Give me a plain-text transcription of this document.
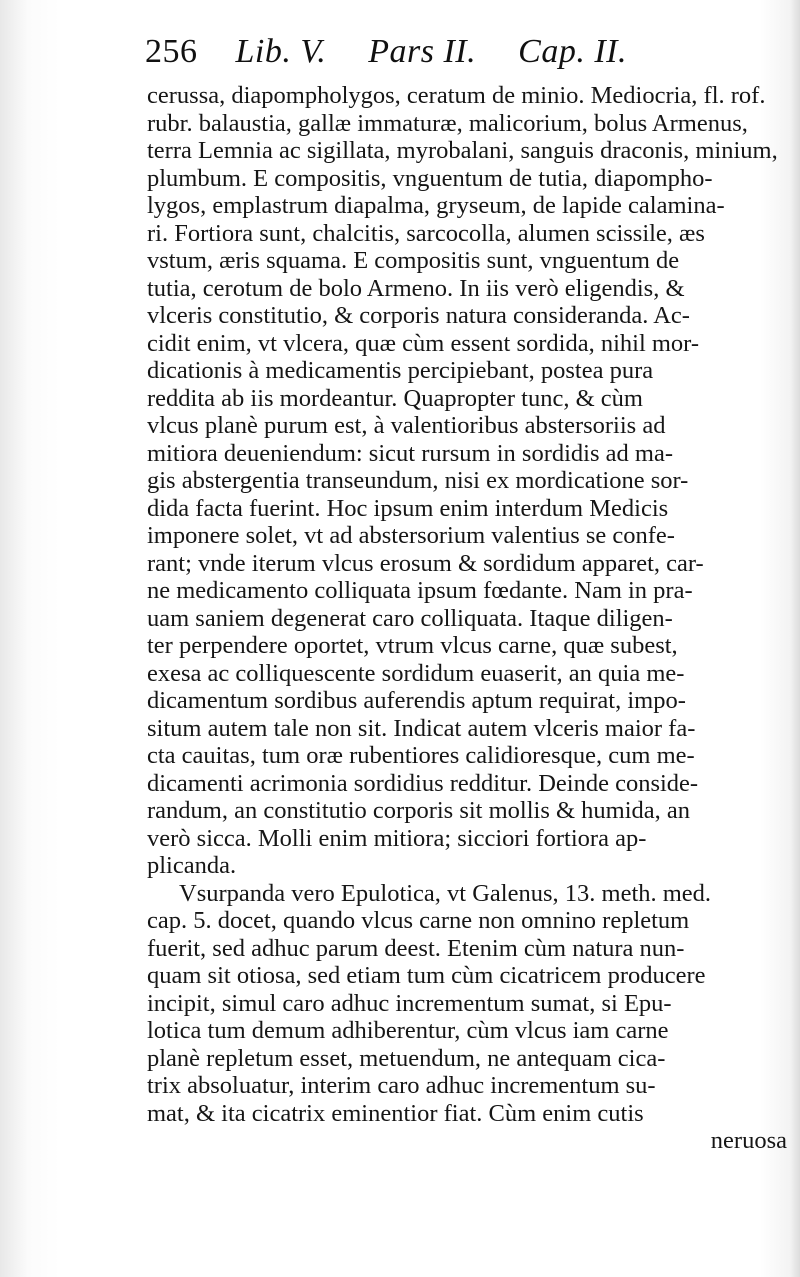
256 Lib. V. Pars II. Cap. II.
cerussa, diapompholygos, ceratum de minio. Mediocria, fl. rof.
rubr. balaustia, gallæ immaturæ, malicorium, bolus Armenus,
terra Lemnia ac sigillata, myrobalani, sanguis draconis, minium,
plumbum. E compositis, vnguentum de tutia, diapompho-
lygos, emplastrum diapalma, gryseum, de lapide calamina-
ri. Fortiora sunt, chalcitis, sarcocolla, alumen scissile, æs
vstum, æris squama. E compositis sunt, vnguentum de
tutia, cerotum de bolo Armeno. In iis verò eligendis, &
vlceris constitutio, & corporis natura consideranda. Ac-
cidit enim, vt vlcera, quæ cùm essent sordida, nihil mor-
dicationis à medicamentis percipiebant, postea pura
reddita ab iis mordeantur. Quapropter tunc, & cùm
vlcus planè purum est, à valentioribus abstersoriis ad
mitiora deueniendum: sicut rursum in sordidis ad ma-
gis abstergentia transeundum, nisi ex mordicatione sor-
dida facta fuerint. Hoc ipsum enim interdum Medicis
imponere solet, vt ad abstersorium valentius se confe-
rant; vnde iterum vlcus erosum & sordidum apparet, car-
ne medicamento colliquata ipsum fœdante. Nam in pra-
uam saniem degenerat caro colliquata. Itaque diligen-
ter perpendere oportet, vtrum vlcus carne, quæ subest,
exesa ac colliquescente sordidum euaserit, an quia me-
dicamentum sordibus auferendis aptum requirat, impo-
situm autem tale non sit. Indicat autem vlceris maior fa-
cta cauitas, tum oræ rubentiores calidioresque, cum me-
dicamenti acrimonia sordidius redditur. Deinde conside-
randum, an constitutio corporis sit mollis & humida, an
verò sicca. Molli enim mitiora; sicciori fortiora ap-
plicanda.
Vsurpanda vero Epulotica, vt Galenus, 13. meth. med.
cap. 5. docet, quando vlcus carne non omnino repletum
fuerit, sed adhuc parum deest. Etenim cùm natura nun-
quam sit otiosa, sed etiam tum cùm cicatricem producere
incipit, simul caro adhuc incrementum sumat, si Epu-
lotica tum demum adhiberentur, cùm vlcus iam carne
planè repletum esset, metuendum, ne antequam cica-
trix absoluatur, interim caro adhuc incrementum su-
mat, & ita cicatrix eminentior fiat. Cùm enim cutis
neruosa
